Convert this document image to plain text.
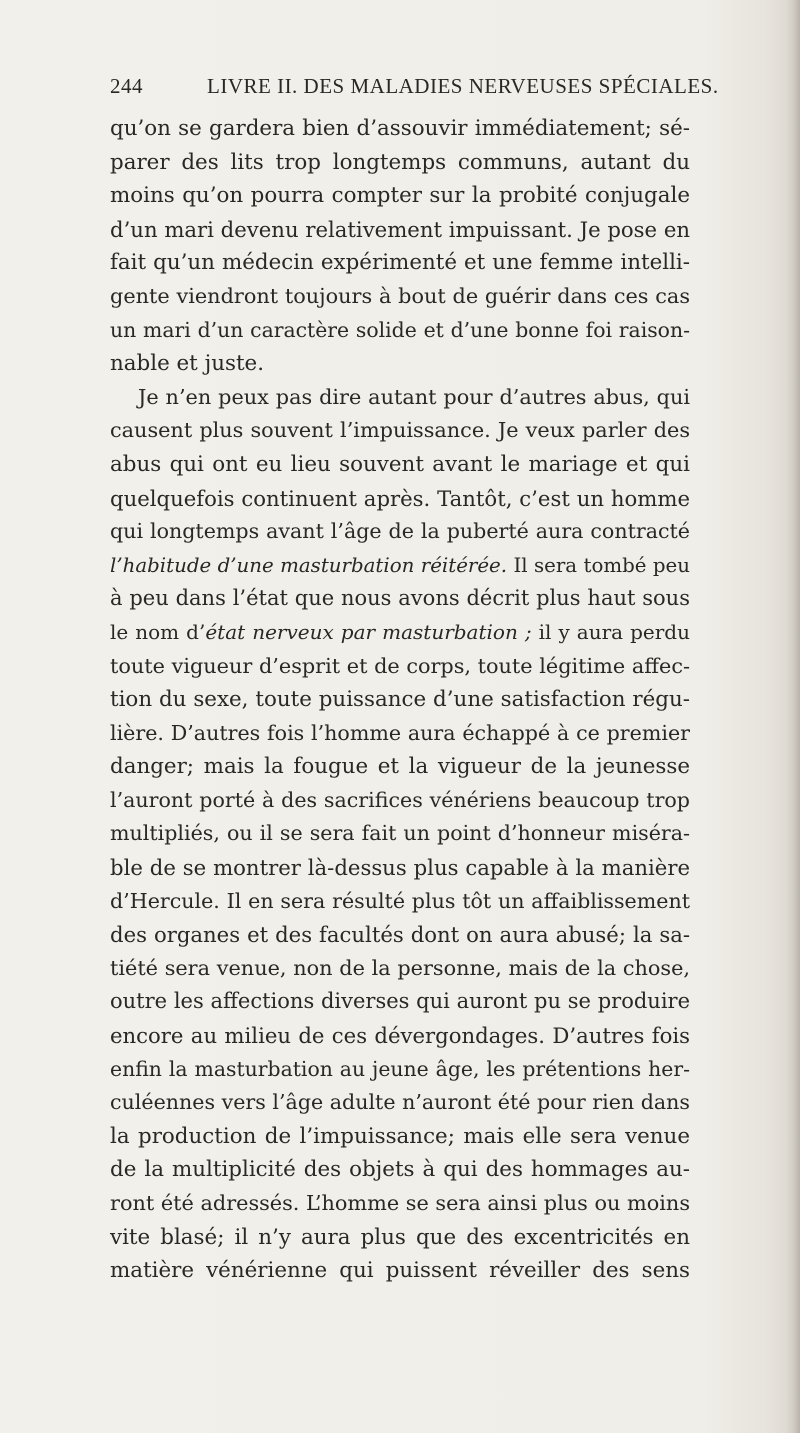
244	LIVRE II. DES MALADIES NERVEUSES SPÉCIALES.
qu’on se gardera bien d’assouvir immédiatement; sé-
parer des lits trop longtemps communs, autant du
moins qu’on pourra compter sur la probité conjugale
d’un mari devenu relativement impuissant. Je pose en
fait qu’un médecin expérimenté et une femme intelli-
gente viendront toujours à bout de guérir dans ces cas
un mari d’un caractère solide et d’une bonne foi raison-
nable et juste.
Je n’en peux pas dire autant pour d’autres abus, qui
causent plus souvent l’impuissance. Je veux parler des
abus qui ont eu lieu souvent avant le mariage et qui
quelquefois continuent après. Tantôt, c’est un homme
qui longtemps avant l’âge de la puberté aura contracté
l’habitude d’une masturbation réitérée. Il sera tombé peu
à peu dans l’état que nous avons décrit plus haut sous
le nom d’état nerveux par masturbation ; il y aura perdu
toute vigueur d’esprit et de corps, toute légitime affec-
tion du sexe, toute puissance d’une satisfaction régu-
lière. D’autres fois l’homme aura échappé à ce premier
danger; mais la fougue et la vigueur de la jeunesse
l’auront porté à des sacrifices vénériens beaucoup trop
multipliés, ou il se sera fait un point d’honneur miséra-
ble de se montrer là-dessus plus capable à la manière
d’Hercule. Il en sera résulté plus tôt un affaiblissement
des organes et des facultés dont on aura abusé; la sa-
tiété sera venue, non de la personne, mais de la chose,
outre les affections diverses qui auront pu se produire
encore au milieu de ces dévergondages. D’autres fois
enfin la masturbation au jeune âge, les prétentions her-
culéennes vers l’âge adulte n’auront été pour rien dans
la production de l’impuissance; mais elle sera venue
de la multiplicité des objets à qui des hommages au-
ront été adressés. L’homme se sera ainsi plus ou moins
vite blasé; il n’y aura plus que des excentricités en
matière vénérienne qui puissent réveiller des sens
